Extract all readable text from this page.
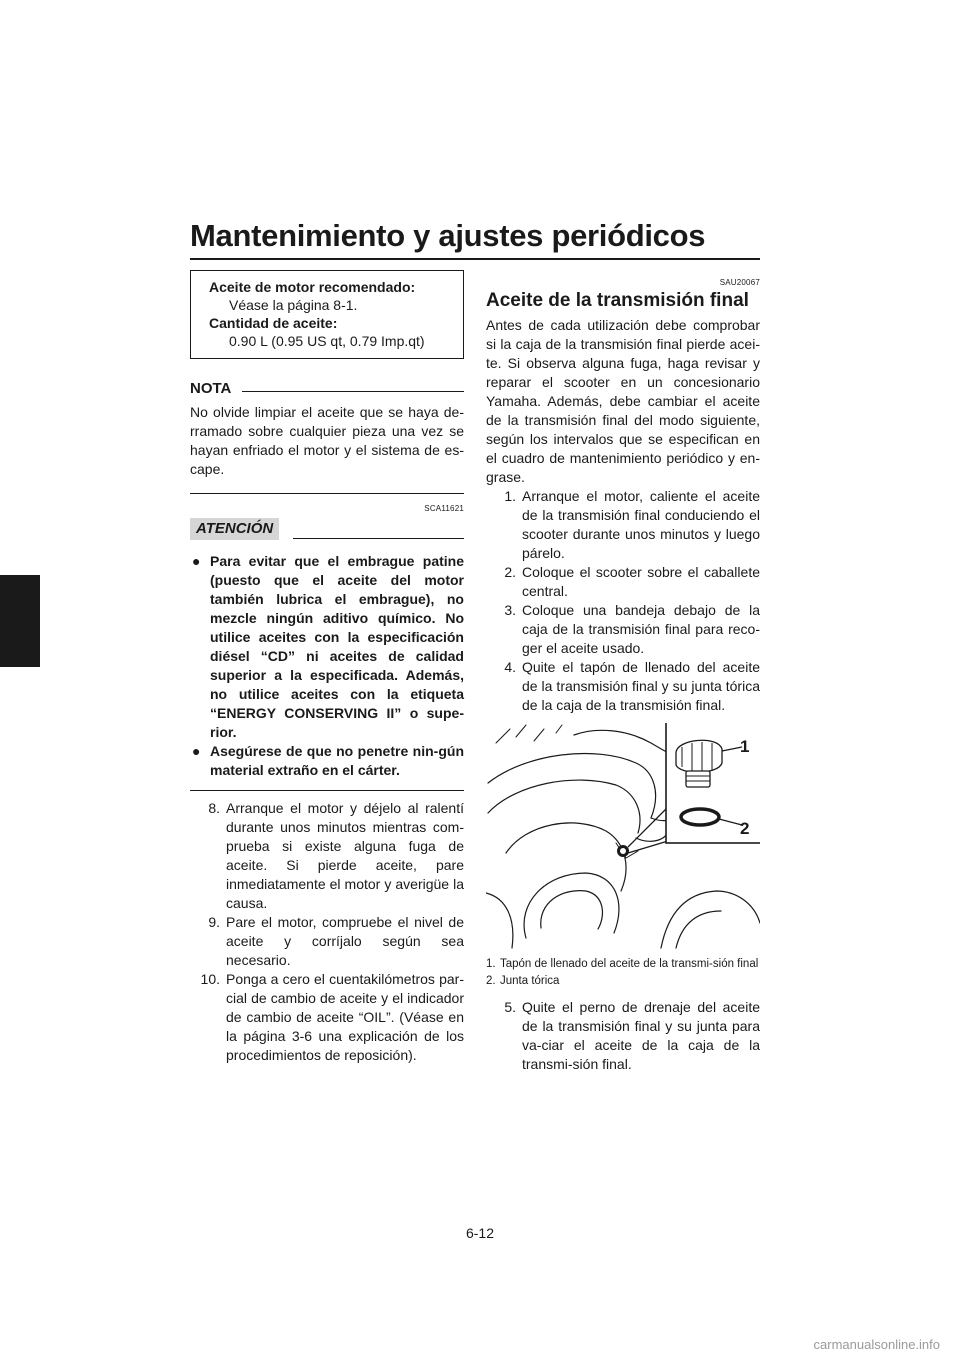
Mantenimiento y ajustes periódicos
6
Aceite de motor recomendado:
Véase la página 8-1.
Cantidad de aceite:
0.90 L (0.95 US qt, 0.79 Imp.qt)
NOTA
No olvide limpiar el aceite que se haya de-rramado sobre cualquier pieza una vez se hayan enfriado el motor y el sistema de es-cape.
SCA11621
ATENCIÓN
● Para evitar que el embrague patine (puesto que el aceite del motor también lubrica el embrague), no mezcle ningún aditivo químico. No utilice aceites con la especificación diésel “CD” ni aceites de calidad superior a la especificada. Además, no utilice aceites con la etiqueta “ENERGY CONSERVING II” o supe-rior.
● Asegúrese de que no penetre nin-gún material extraño en el cárter.
8. Arranque el motor y déjelo al ralentí durante unos minutos mientras com-prueba si existe alguna fuga de aceite. Si pierde aceite, pare inmediatamente el motor y averigüe la causa.
9. Pare el motor, compruebe el nivel de aceite y corríjalo según sea necesario.
10. Ponga a cero el cuentakilómetros par-cial de cambio de aceite y el indicador de cambio de aceite “OIL”. (Véase en la página 3-6 una explicación de los procedimientos de reposición).
SAU20067
Aceite de la transmisión final
Antes de cada utilización debe comprobar si la caja de la transmisión final pierde acei-te. Si observa alguna fuga, haga revisar y reparar el scooter en un concesionario Yamaha. Además, debe cambiar el aceite de la transmisión final del modo siguiente, según los intervalos que se especifican en el cuadro de mantenimiento periódico y en-grase.
1. Arranque el motor, caliente el aceite de la transmisión final conduciendo el scooter durante unos minutos y luego párelo.
2. Coloque el scooter sobre el caballete central.
3. Coloque una bandeja debajo de la caja de la transmisión final para reco-ger el aceite usado.
4. Quite el tapón de llenado del aceite de la transmisión final y su junta tórica de la caja de la transmisión final.
1
2
1. Tapón de llenado del aceite de la transmi-sión final
2. Junta tórica
5. Quite el perno de drenaje del aceite de la transmisión final y su junta para va-ciar el aceite de la caja de la transmi-sión final.
6-12
carmanualsonline.info
